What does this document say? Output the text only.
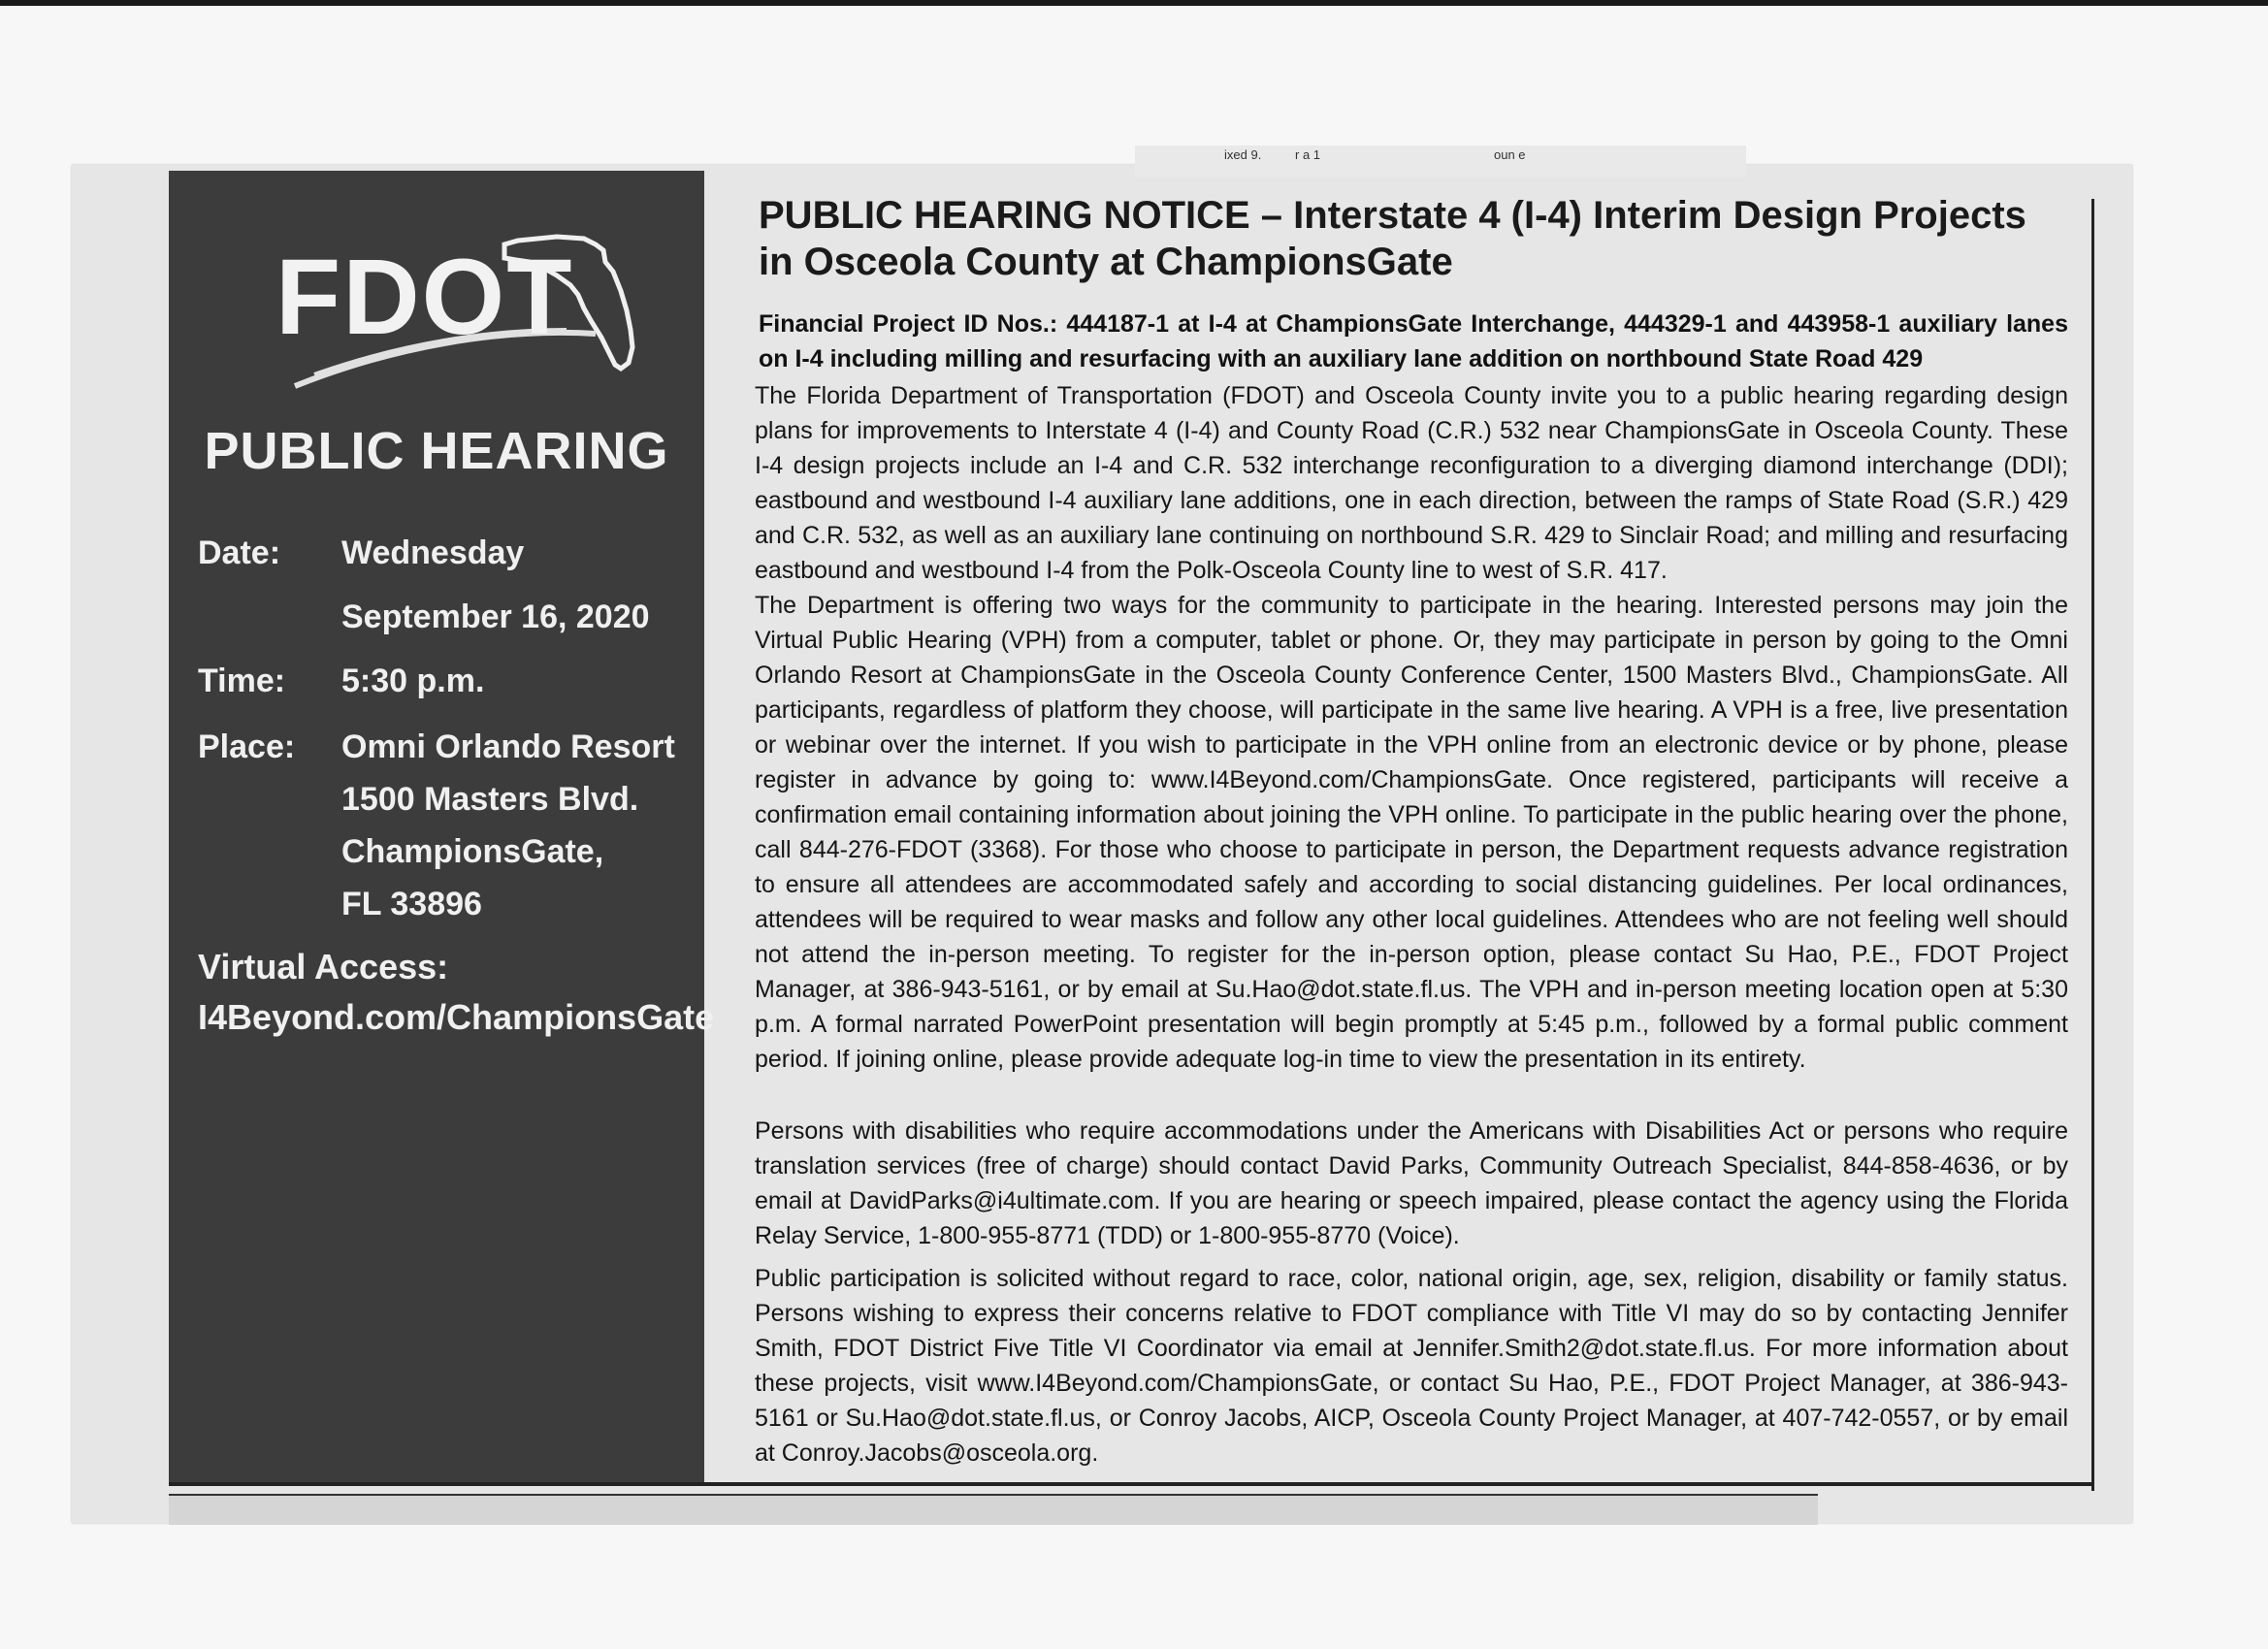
ixed 9.	r a 1	oun e
FDOT
PUBLIC HEARING
Date: Wednesday
September 16, 2020
Time: 5:30 p.m.
Place: Omni Orlando Resort
1500 Masters Blvd.
ChampionsGate,
FL 33896
Virtual Access:
I4Beyond.com/ChampionsGate
PUBLIC HEARING NOTICE – Interstate 4 (I-4) Interim Design Projects in Osceola County at ChampionsGate
Financial Project ID Nos.: 444187-1 at I-4 at ChampionsGate Interchange, 444329-1 and 443958-1 auxiliary lanes on I-4 including milling and resurfacing with an auxiliary lane addition on northbound State Road 429
The Florida Department of Transportation (FDOT) and Osceola County invite you to a public hearing regarding design plans for improvements to Interstate 4 (I-4) and County Road (C.R.) 532 near ChampionsGate in Osceola County. These I-4 design projects include an I-4 and C.R. 532 interchange reconfiguration to a diverging diamond interchange (DDI); eastbound and westbound I-4 auxiliary lane additions, one in each direction, between the ramps of State Road (S.R.) 429 and C.R. 532, as well as an auxiliary lane continuing on northbound S.R. 429 to Sinclair Road; and milling and resurfacing eastbound and westbound I-4 from the Polk-Osceola County line to west of S.R. 417.
The Department is offering two ways for the community to participate in the hearing. Interested persons may join the Virtual Public Hearing (VPH) from a computer, tablet or phone. Or, they may participate in person by going to the Omni Orlando Resort at ChampionsGate in the Osceola County Conference Center, 1500 Masters Blvd., ChampionsGate. All participants, regardless of platform they choose, will participate in the same live hearing. A VPH is a free, live presentation or webinar over the internet. If you wish to participate in the VPH online from an electronic device or by phone, please register in advance by going to: www.I4Beyond.com/ChampionsGate. Once registered, participants will receive a confirmation email containing information about joining the VPH online. To participate in the public hearing over the phone, call 844-276-FDOT (3368). For those who choose to participate in person, the Department requests advance registration to ensure all attendees are accommodated safely and according to social distancing guidelines. Per local ordinances, attendees will be required to wear masks and follow any other local guidelines. Attendees who are not feeling well should not attend the in-person meeting. To register for the in-person option, please contact Su Hao, P.E., FDOT Project Manager, at 386-943-5161, or by email at Su.Hao@dot.state.fl.us. The VPH and in-person meeting location open at 5:30 p.m. A formal narrated PowerPoint presentation will begin promptly at 5:45 p.m., followed by a formal public comment period. If joining online, please provide adequate log-in time to view the presentation in its entirety.
Persons with disabilities who require accommodations under the Americans with Disabilities Act or persons who require translation services (free of charge) should contact David Parks, Community Outreach Specialist, 844-858-4636, or by email at DavidParks@i4ultimate.com. If you are hearing or speech impaired, please contact the agency using the Florida Relay Service, 1-800-955-8771 (TDD) or 1-800-955-8770 (Voice).
Public participation is solicited without regard to race, color, national origin, age, sex, religion, disability or family status. Persons wishing to express their concerns relative to FDOT compliance with Title VI may do so by contacting Jennifer Smith, FDOT District Five Title VI Coordinator via email at Jennifer.Smith2@dot.state.fl.us. For more information about these projects, visit www.I4Beyond.com/ChampionsGate, or contact Su Hao, P.E., FDOT Project Manager, at 386-943-5161 or Su.Hao@dot.state.fl.us, or Conroy Jacobs, AICP, Osceola County Project Manager, at 407-742-0557, or by email at Conroy.Jacobs@osceola.org.
